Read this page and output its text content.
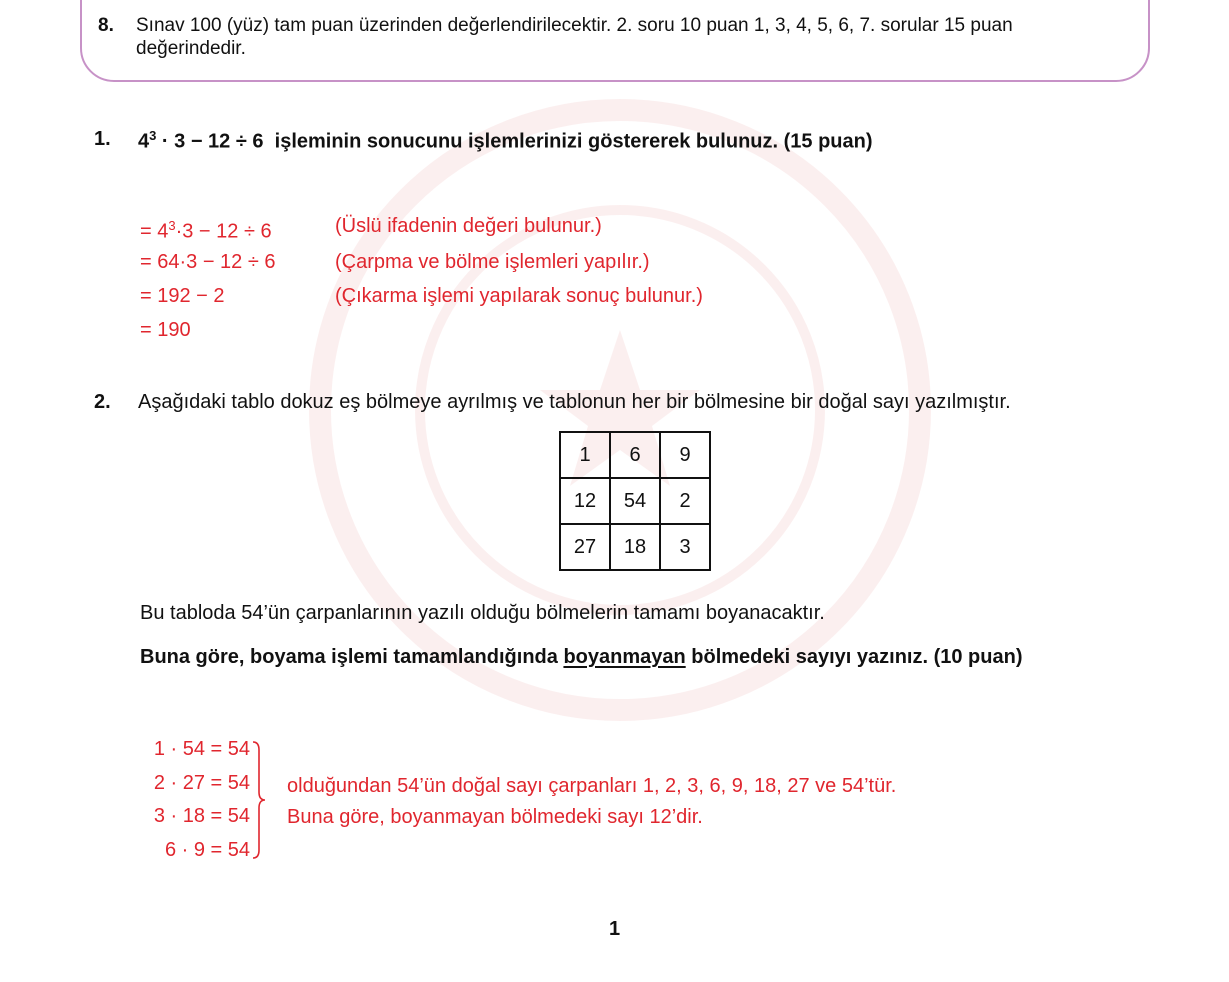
8. Sınav 100 (yüz) tam puan üzerinden değerlendirilecektir. 2. soru 10 puan 1, 3, 4, 5, 6, 7. sorular 15 puan
değerindedir.
1. $4^3 \cdot 3 - 12 \div 6$ işleminin sonucunu işlemlerinizi göstererek bulunuz. (15 puan)
= $4^3\cdot 3 - 12 \div 6$	(Üslü ifadenin değeri bulunur.)
= 64·3 − 12 ÷ 6	(Çarpma ve bölme işlemleri yapılır.)
= 192 − 2	(Çıkarma işlemi yapılarak sonuç bulunur.)
= 190
2. Aşağıdaki tablo dokuz eş bölmeye ayrılmış ve tablonun her bir bölmesine bir doğal sayı yazılmıştır.
1	6	9
12	54	2
27	18	3
Bu tabloda 54’ün çarpanlarının yazılı olduğu bölmelerin tamamı boyanacaktır.
Buna göre, boyama işlemi tamamlandığında boyanmayan bölmedeki sayıyı yazınız. (10 puan)
1 · 54 = 54
2 · 27 = 54
3 · 18 = 54
6 · 9 = 54
olduğundan 54’ün doğal sayı çarpanları 1, 2, 3, 6, 9, 18, 27 ve 54’tür.
Buna göre, boyanmayan bölmedeki sayı 12’dir.
1
